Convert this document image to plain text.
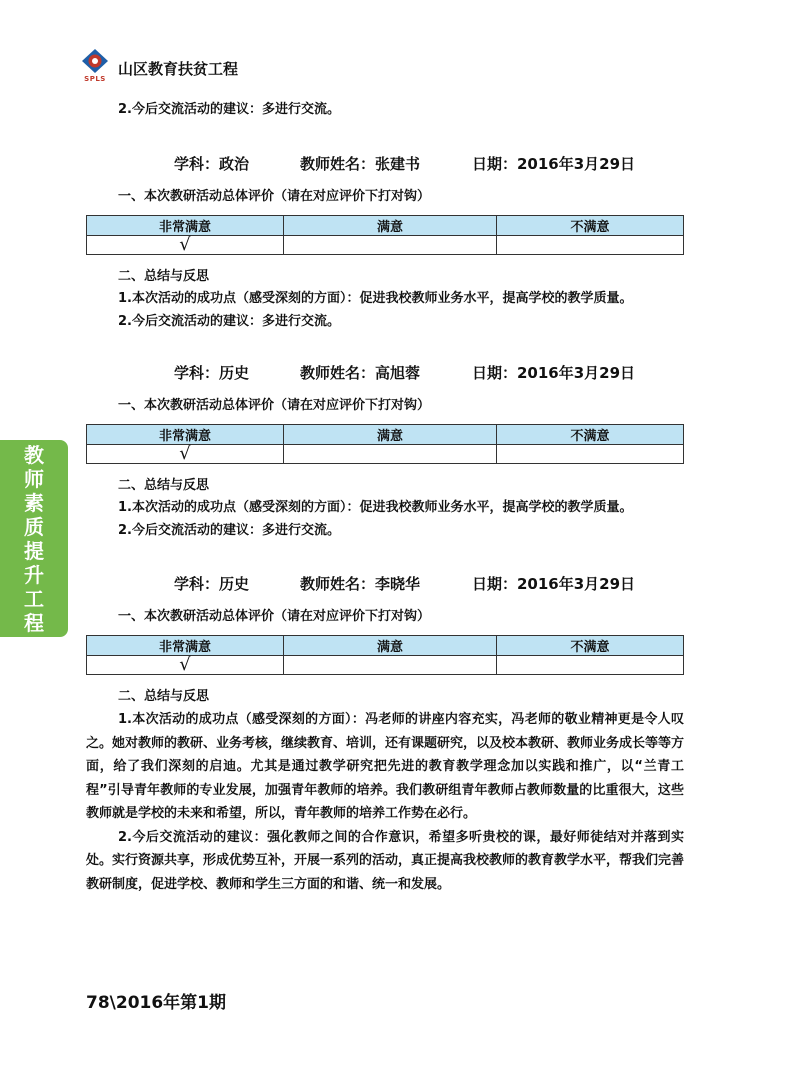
SPLS
山区教育扶贫工程
教
师
素
质
提
升
工
程
2.今后交流活动的建议：多进行交流。
学科：政治	教师姓名：张建书	日期：2016年3月29日
一、本次教研活动总体评价（请在对应评价下打对钩）
非常满意	满意	不满意
√		
二、总结与反思
1.本次活动的成功点（感受深刻的方面）：促进我校教师业务水平，提高学校的教学质量。
2.今后交流活动的建议：多进行交流。
学科：历史	教师姓名：高旭蓉	日期：2016年3月29日
一、本次教研活动总体评价（请在对应评价下打对钩）
非常满意	满意	不满意
√		
二、总结与反思
1.本次活动的成功点（感受深刻的方面）：促进我校教师业务水平，提高学校的教学质量。
2.今后交流活动的建议：多进行交流。
学科：历史	教师姓名：李晓华	日期：2016年3月29日
一、本次教研活动总体评价（请在对应评价下打对钩）
非常满意	满意	不满意
√		
二、总结与反思
1.本次活动的成功点（感受深刻的方面）：冯老师的讲座内容充实，冯老师的敬业精神更是令人叹之。她对教师的教研、业务考核，继续教育、培训，还有课题研究，以及校本教研、教师业务成长等等方面，给了我们深刻的启迪。尤其是通过教学研究把先进的教育教学理念加以实践和推广，以“兰青工程”引导青年教师的专业发展，加强青年教师的培养。我们教研组青年教师占教师数量的比重很大，这些教师就是学校的未来和希望，所以，青年教师的培养工作势在必行。
2.今后交流活动的建议：强化教师之间的合作意识，希望多听贵校的课，最好师徒结对并落到实处。实行资源共享，形成优势互补，开展一系列的活动，真正提高我校教师的教育教学水平，帮我们完善教研制度，促进学校、教师和学生三方面的和谐、统一和发展。
78\2016年第1期
